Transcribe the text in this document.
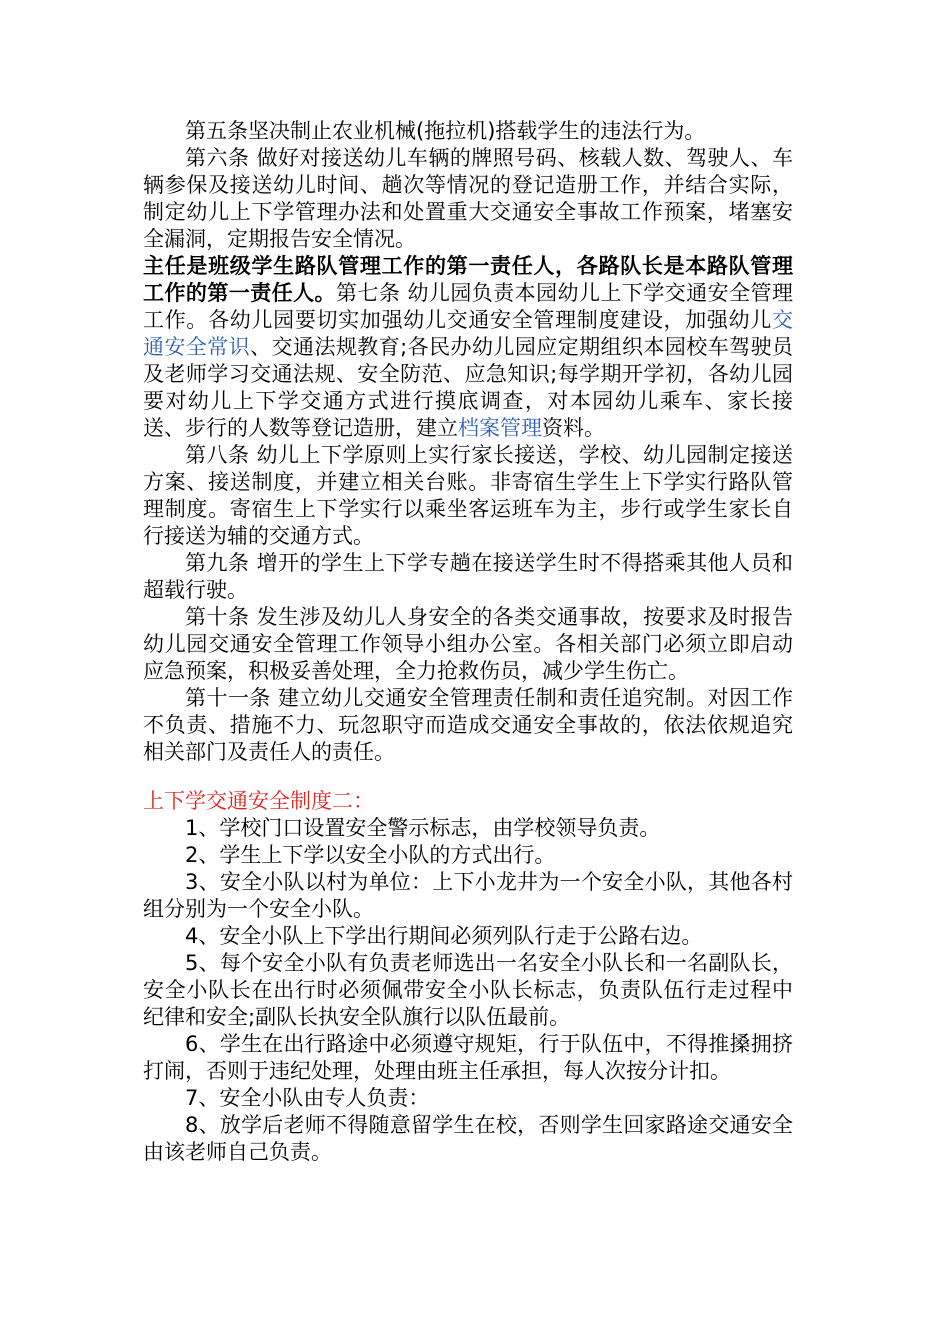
第五条坚决制止农业机械(拖拉机)搭载学生的违法行为。

第六条 做好对接送幼儿车辆的牌照号码、核载人数、驾驶人、车辆参保及接送幼儿时间、趟次等情况的登记造册工作，并结合实际，制定幼儿上下学管理办法和处置重大交通安全事故工作预案，堵塞安全漏洞，定期报告安全情况。

主任是班级学生路队管理工作的第一责任人，各路队长是本路队管理工作的第一责任人。第七条 幼儿园负责本园幼儿上下学交通安全管理工作。各幼儿园要切实加强幼儿交通安全管理制度建设，加强幼儿交通安全常识、交通法规教育;各民办幼儿园应定期组织本园校车驾驶员及老师学习交通法规、安全防范、应急知识;每学期开学初，各幼儿园要对幼儿上下学交通方式进行摸底调查，对本园幼儿乘车、家长接送、步行的人数等登记造册，建立档案管理资料。

第八条 幼儿上下学原则上实行家长接送，学校、幼儿园制定接送方案、接送制度，并建立相关台账。非寄宿生学生上下学实行路队管理制度。寄宿生上下学实行以乘坐客运班车为主，步行或学生家长自行接送为辅的交通方式。

第九条 增开的学生上下学专趟在接送学生时不得搭乘其他人员和超载行驶。

第十条 发生涉及幼儿人身安全的各类交通事故，按要求及时报告幼儿园交通安全管理工作领导小组办公室。各相关部门必须立即启动应急预案，积极妥善处理，全力抢救伤员，减少学生伤亡。

第十一条 建立幼儿交通安全管理责任制和责任追究制。对因工作不负责、措施不力、玩忽职守而造成交通安全事故的，依法依规追究相关部门及责任人的责任。

上下学交通安全制度二：

1、学校门口设置安全警示标志，由学校领导负责。

2、学生上下学以安全小队的方式出行。

3、安全小队以村为单位：上下小龙井为一个安全小队，其他各村组分别为一个安全小队。

4、安全小队上下学出行期间必须列队行走于公路右边。

5、每个安全小队有负责老师选出一名安全小队长和一名副队长，安全小队长在出行时必须佩带安全小队长标志，负责队伍行走过程中纪律和安全;副队长执安全队旗行以队伍最前。

6、学生在出行路途中必须遵守规矩，行于队伍中，不得推搡拥挤打闹，否则于违纪处理，处理由班主任承担，每人次按分计扣。

7、安全小队由专人负责：

8、放学后老师不得随意留学生在校，否则学生回家路途交通安全由该老师自己负责。
